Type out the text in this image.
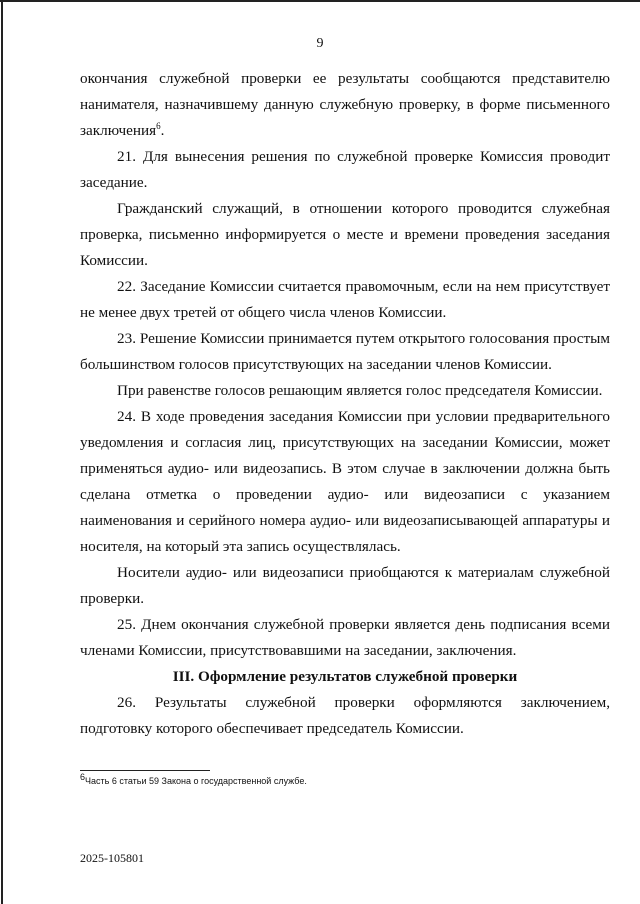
9

окончания служебной проверки ее результаты сообщаются представителю нанимателя, назначившему данную служебную проверку, в форме письменного заключения$^6$.

21. Для вынесения решения по служебной проверке Комиссия проводит заседание.

Гражданский служащий, в отношении которого проводится служебная проверка, письменно информируется о месте и времени проведения заседания Комиссии.

22. Заседание Комиссии считается правомочным, если на нем присутствует не менее двух третей от общего числа членов Комиссии.

23. Решение Комиссии принимается путем открытого голосования простым большинством голосов присутствующих на заседании членов Комиссии.

При равенстве голосов решающим является голос председателя Комиссии.

24. В ходе проведения заседания Комиссии при условии предварительного уведомления и согласия лиц, присутствующих на заседании Комиссии, может применяться аудио- или видеозапись. В этом случае в заключении должна быть сделана отметка о проведении аудио- или видеозаписи с указанием наименования и серийного номера аудио- или видеозаписывающей аппаратуры и носителя, на который эта запись осуществлялась.

Носители аудио- или видеозаписи приобщаются к материалам служебной проверки.

25. Днем окончания служебной проверки является день подписания всеми членами Комиссии, присутствовавшими на заседании, заключения.

III. Оформление результатов служебной проверки

26. Результаты служебной проверки оформляются заключением, подготовку которого обеспечивает председатель Комиссии.

$^6$Часть 6 статьи 59 Закона о государственной службе.
2025-105801
